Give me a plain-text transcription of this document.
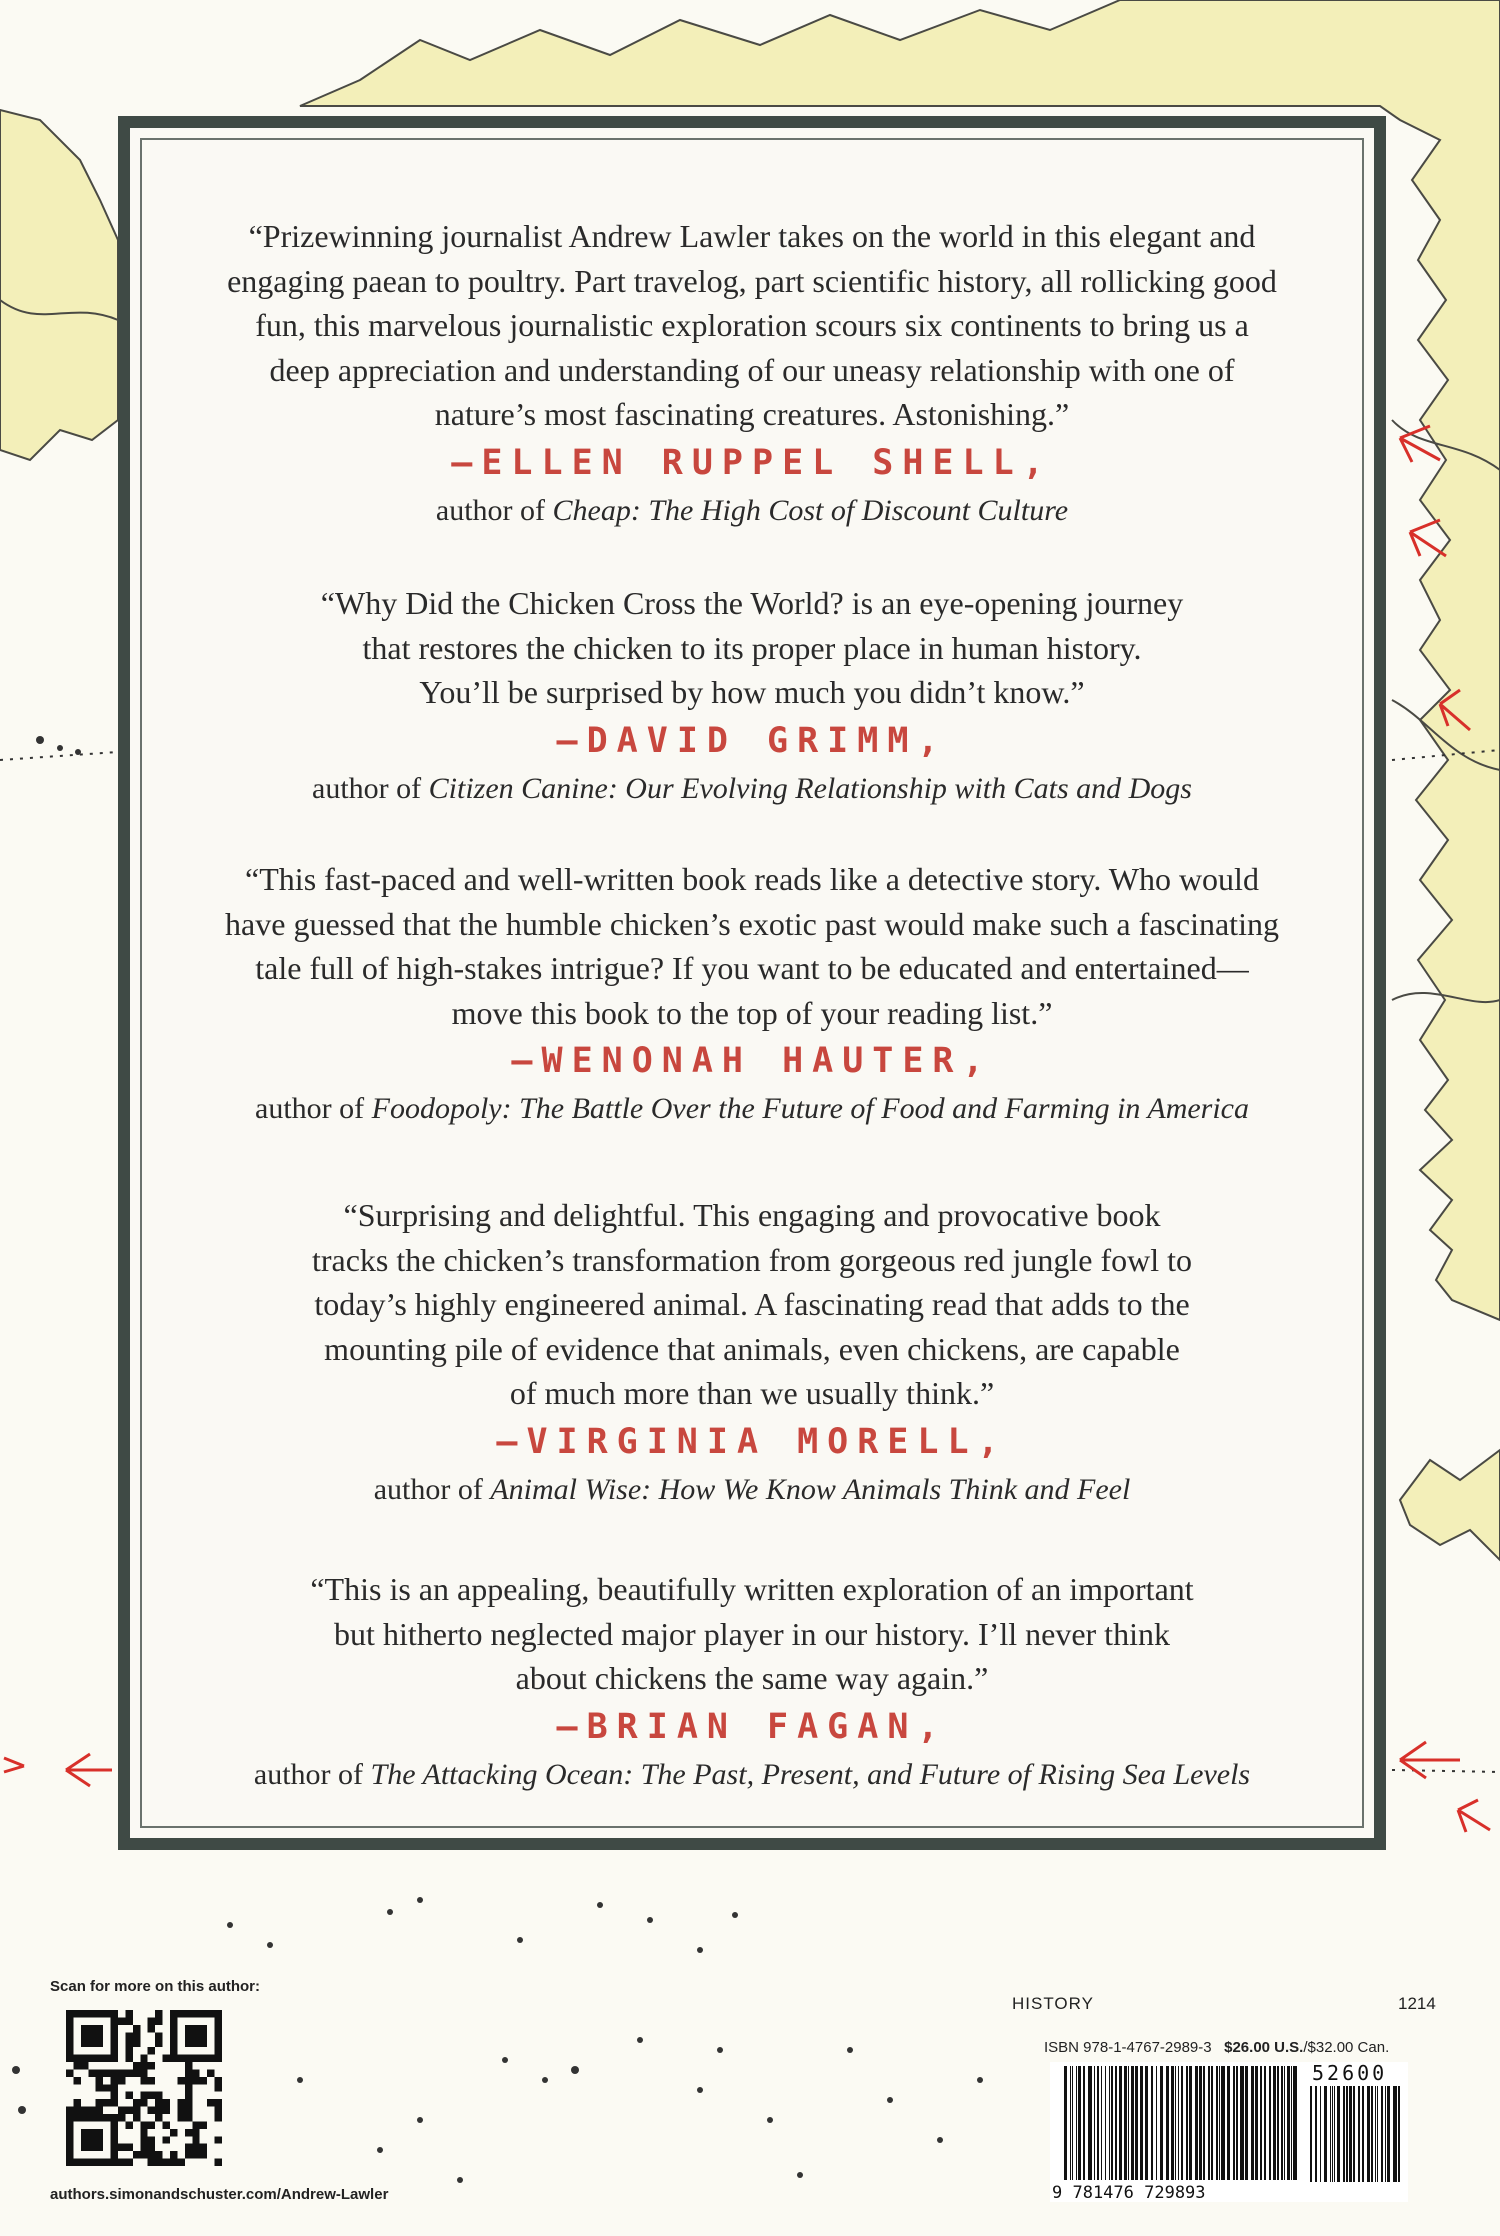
“Prizewinning journalist Andrew Lawler takes on the world in this elegant and
engaging paean to poultry. Part travelog, part scientific history, all rollicking good
fun, this marvelous journalistic exploration scours six continents to bring us a
deep appreciation and understanding of our uneasy relationship with one of
nature’s most fascinating creatures. Astonishing.”

—ELLEN RUPPEL SHELL,
author of Cheap: The High Cost of Discount Culture

“Why Did the Chicken Cross the World? is an eye-opening journey
that restores the chicken to its proper place in human history.
You’ll be surprised by how much you didn’t know.”

—DAVID GRIMM,
author of Citizen Canine: Our Evolving Relationship with Cats and Dogs

“This fast-paced and well-written book reads like a detective story. Who would
have guessed that the humble chicken’s exotic past would make such a fascinating
tale full of high-stakes intrigue? If you want to be educated and entertained—
move this book to the top of your reading list.”

—WENONAH HAUTER,
author of Foodopoly: The Battle Over the Future of Food and Farming in America

“Surprising and delightful. This engaging and provocative book
tracks the chicken’s transformation from gorgeous red jungle fowl to
today’s highly engineered animal. A fascinating read that adds to the
mounting pile of evidence that animals, even chickens, are capable
of much more than we usually think.”

—VIRGINIA MORELL,
author of Animal Wise: How We Know Animals Think and Feel

“This is an appealing, beautifully written exploration of an important
but hitherto neglected major player in our history. I’ll never think
about chickens the same way again.”

—BRIAN FAGAN,
author of The Attacking Ocean: The Past, Present, and Future of Rising Sea Levels
Scan for more on this author:
authors.simonandschuster.com/Andrew-Lawler
HISTORY	1214
ISBN 978-1-4767-2989-3 $26.00 U.S./$32.00 Can.
9 781476 729893
52600
